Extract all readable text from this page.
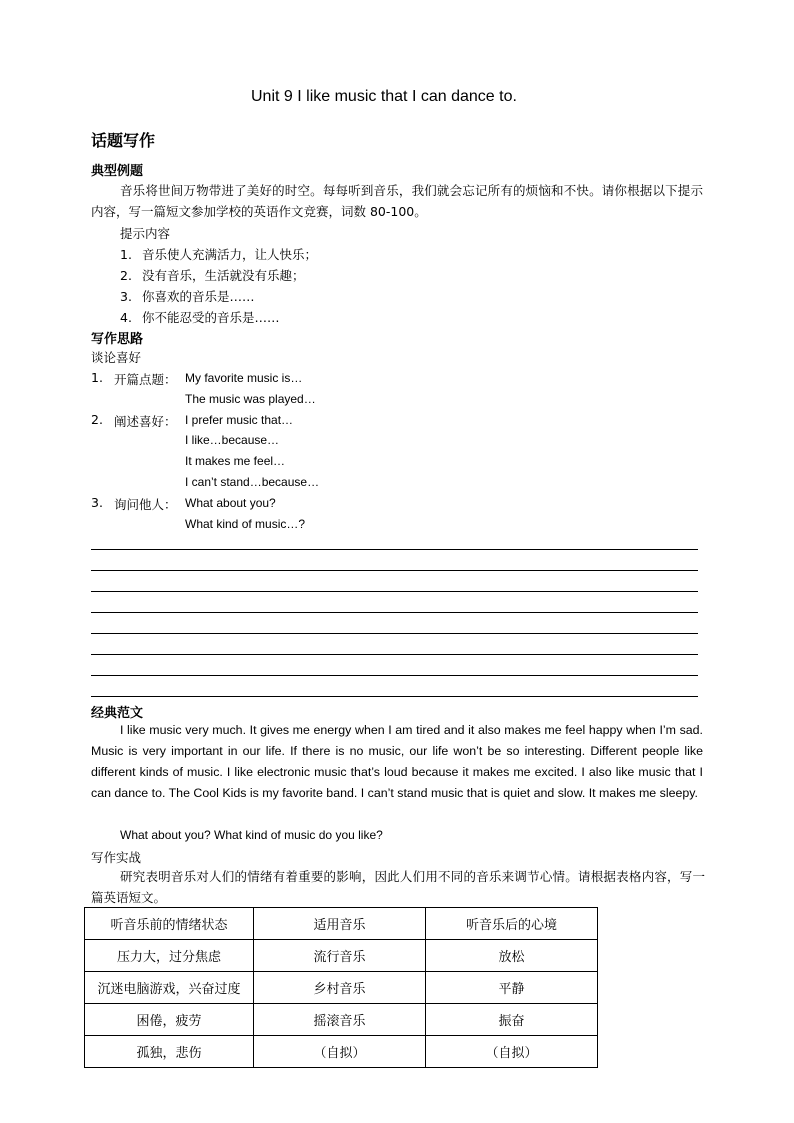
Unit 9 I like music that I can dance to.
话题写作
典型例题
音乐将世间万物带进了美好的时空。每每听到音乐，我们就会忘记所有的烦恼和不快。请你根据以下提示内容，写一篇短文参加学校的英语作文竞赛，词数 80-100。
提示内容
1. 音乐使人充满活力，让人快乐；
2. 没有音乐，生活就没有乐趣；
3. 你喜欢的音乐是……
4. 你不能忍受的音乐是……
写作思路
谈论喜好
1. 开篇点题： My favorite music is…
The music was played…
2. 阐述喜好： I prefer music that…
I like…because…
It makes me feel…
I can’t stand…because…
3. 询问他人： What about you?
What kind of music…?
经典范文
I like music very much. It gives me energy when I am tired and it also makes me feel happy when I’m sad. Music is very important in our life. If there is no music, our life won’t be so interesting. Different people like different kinds of music. I like electronic music that’s loud because it makes me excited. I also like music that I can dance to. The Cool Kids is my favorite band. I can’t stand music that is quiet and slow. It makes me sleepy.
What about you? What kind of music do you like?
写作实战
研究表明音乐对人们的情绪有着重要的影响，因此人们用不同的音乐来调节心情。请根据表格内容，写一篇英语短文。
听音乐前的情绪状态	适用音乐	听音乐后的心境
压力大，过分焦虑	流行音乐	放松
沉迷电脑游戏，兴奋过度	乡村音乐	平静
困倦，疲劳	摇滚音乐	振奋
孤独，悲伤	（自拟）	（自拟）
